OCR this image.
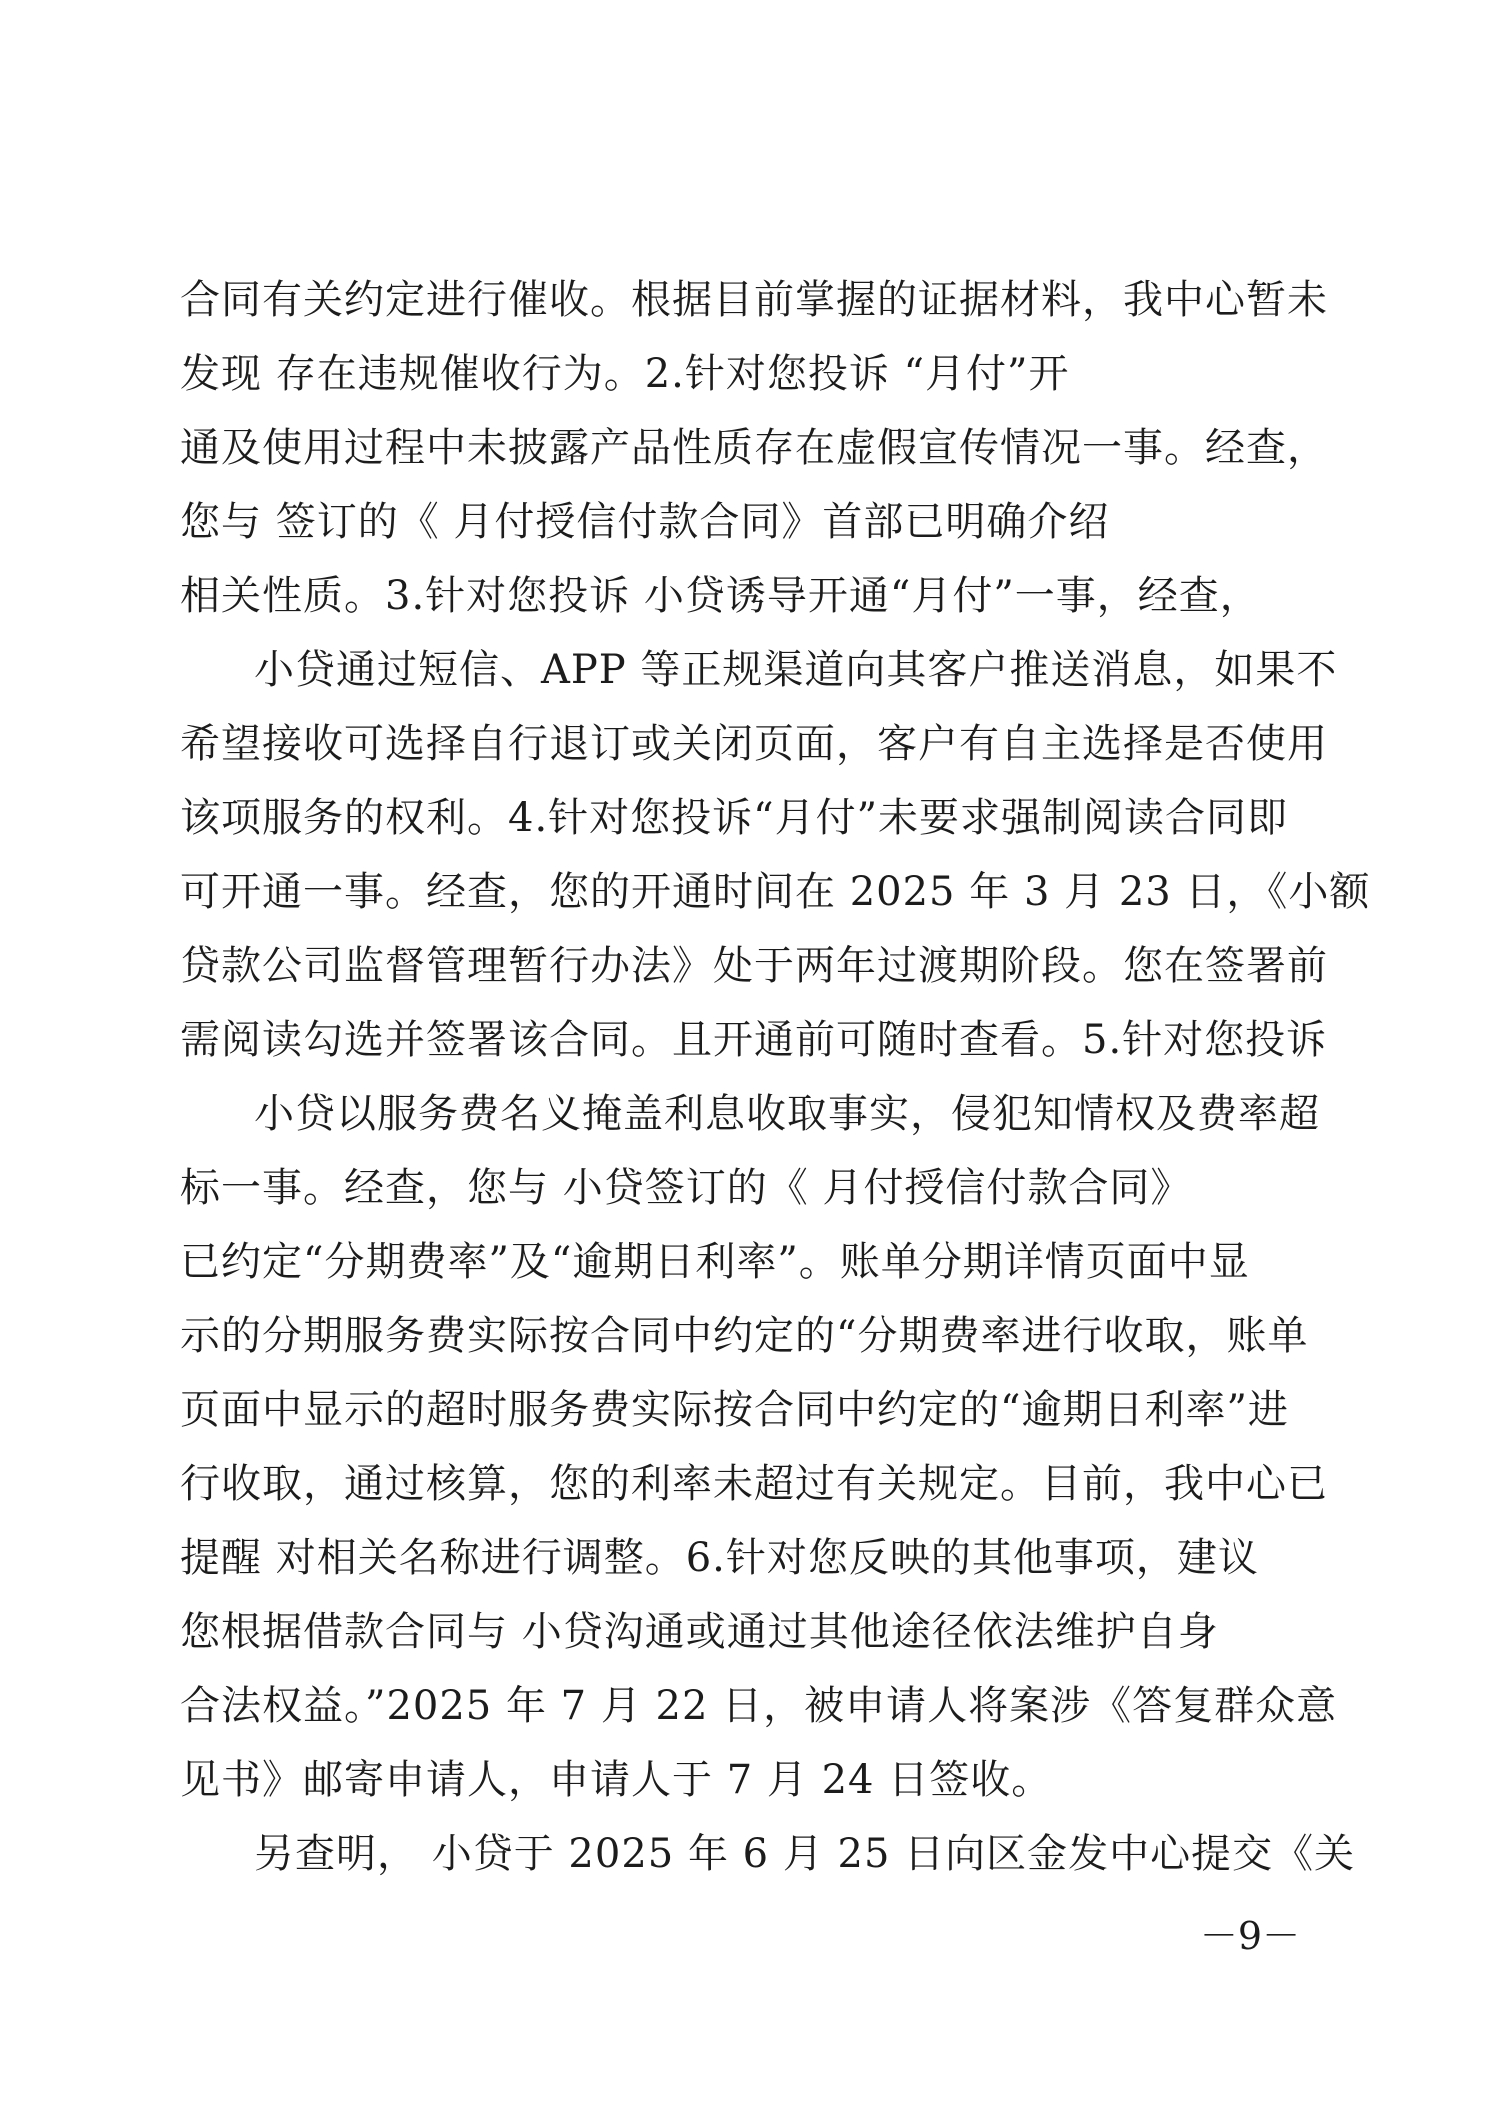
合同有关约定进行催收。根据目前掌握的证据材料，我中心暂未
发现 存在违规催收行为。2.针对您投诉 “月付”开
通及使用过程中未披露产品性质存在虚假宣传情况一事。经查，
您与 签订的《 月付授信付款合同》首部已明确介绍
相关性质。3.针对您投诉 小贷诱导开通“月付”一事，经查，
小贷通过短信、APP 等正规渠道向其客户推送消息，如果不
希望接收可选择自行退订或关闭页面，客户有自主选择是否使用
该项服务的权利。4.针对您投诉“月付”未要求强制阅读合同即
可开通一事。经查，您的开通时间在 2025 年 3 月 23 日，《小额
贷款公司监督管理暂行办法》处于两年过渡期阶段。您在签署前
需阅读勾选并签署该合同。且开通前可随时查看。5.针对您投诉
小贷以服务费名义掩盖利息收取事实，侵犯知情权及费率超
标一事。经查，您与 小贷签订的《 月付授信付款合同》
已约定“分期费率”及“逾期日利率”。账单分期详情页面中显
示的分期服务费实际按合同中约定的“分期费率进行收取，账单
页面中显示的超时服务费实际按合同中约定的“逾期日利率”进
行收取，通过核算，您的利率未超过有关规定。目前，我中心已
提醒 对相关名称进行调整。6.针对您反映的其他事项，建议
您根据借款合同与 小贷沟通或通过其他途径依法维护自身
合法权益。”2025 年 7 月 22 日，被申请人将案涉《答复群众意
见书》邮寄申请人，申请人于 7 月 24 日签收。
另查明， 小贷于 2025 年 6 月 25 日向区金发中心提交《关
－9－
